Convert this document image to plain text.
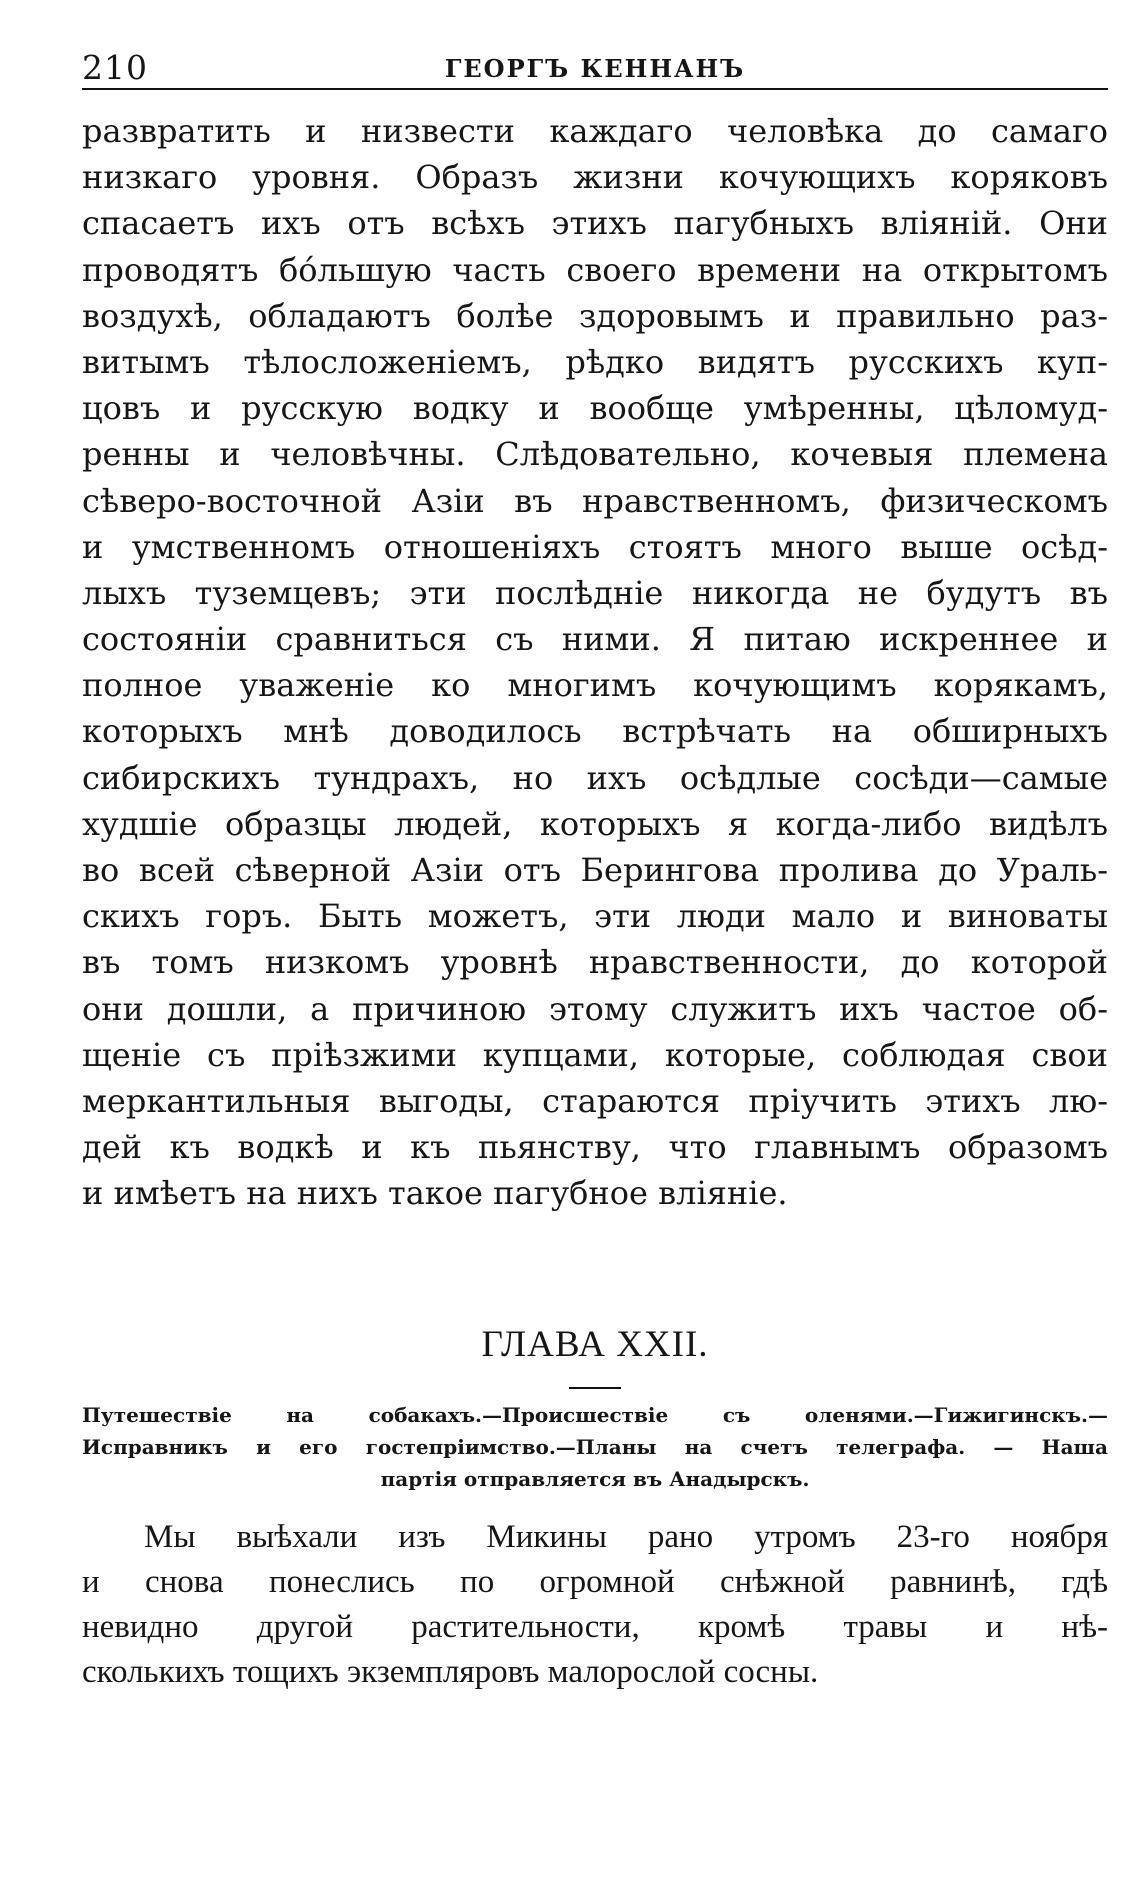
210	ГЕОРГЪ КЕННАНЪ
развратить и низвести каждаго человѣка до самаго
низкаго уровня. Образъ жизни кочующихъ коряковъ
спасаетъ ихъ отъ всѣхъ этихъ пагубныхъ вліяній. Они
проводятъ бо́льшую часть своего времени на открытомъ
воздухѣ, обладаютъ болѣе здоровымъ и правильно раз-
витымъ тѣлосложеніемъ, рѣдко видятъ русскихъ куп-
цовъ и русскую водку и вообще умѣренны, цѣломуд-
ренны и человѣчны. Слѣдовательно, кочевыя племена
сѣверо-восточной Азіи въ нравственномъ, физическомъ
и умственномъ отношеніяхъ стоятъ много выше осѣд-
лыхъ туземцевъ; эти послѣдніе никогда не будутъ въ
состояніи сравниться съ ними. Я питаю искреннее и
полное уваженіе ко многимъ кочующимъ корякамъ,
которыхъ мнѣ доводилось встрѣчать на обширныхъ
сибирскихъ тундрахъ, но ихъ осѣдлые сосѣди—самые
худшіе образцы людей, которыхъ я когда-либо видѣлъ
во всей сѣверной Азіи отъ Берингова пролива до Ураль-
скихъ горъ. Быть можетъ, эти люди мало и виноваты
въ томъ низкомъ уровнѣ нравственности, до которой
они дошли, а причиною этому служитъ ихъ частое об-
щеніе съ пріѣзжими купцами, которые, соблюдая свои
меркантильныя выгоды, стараются пріучить этихъ лю-
дей къ водкѣ и къ пьянству, что главнымъ образомъ
и имѣетъ на нихъ такое пагубное вліяніе.
ГЛАВА XXII.
Путешествіе на собакахъ.—Происшествіе съ оленями.—Гижигинскъ.—
Исправникъ и его гостепріимство.—Планы на счетъ телеграфа. — Наша
партія отправляется въ Анадырскъ.
Мы выѣхали изъ Микины рано утромъ 23-го ноября
и снова понеслись по огромной снѣжной равнинѣ, гдѣ
невидно другой растительности, кромѣ травы и нѣ-
сколькихъ тощихъ экземпляровъ малорослой сосны.
